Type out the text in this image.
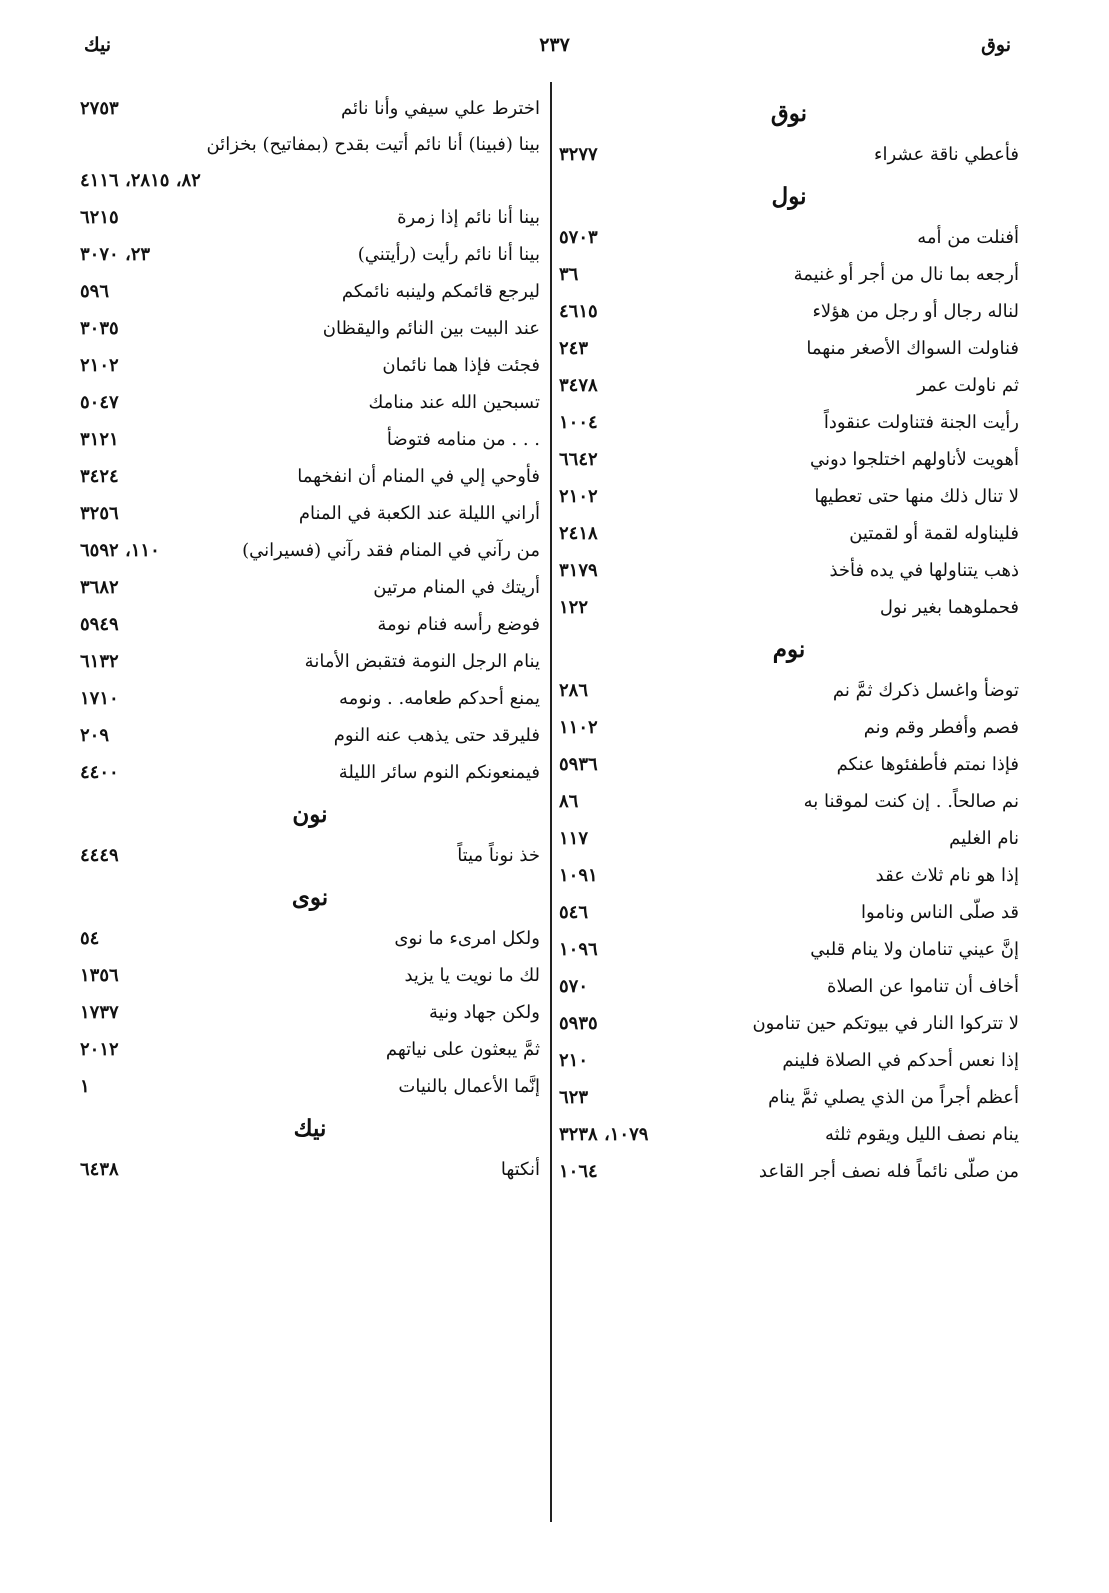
نوق
٢٣٧
نيك
نوق
فأعطي ناقة عشراء
٣٢٧٧
نول
أفنلت من أمه
٥٧٠٣
أرجعه بما نال من أجر أو غنيمة
٣٦
لناله رجال أو رجل من هؤلاء
٤٦١٥
فناولت السواك الأصغر منهما
٢٤٣
ثم ناولت عمر
٣٤٧٨
رأيت الجنة فتناولت عنقوداً
١٠٠٤
أهويت لأناولهم اختلجوا دوني
٦٦٤٢
لا تنال ذلك منها حتى تعطيها
٢١٠٢
فليناوله لقمة أو لقمتين
٢٤١٨
ذهب يتناولها في يده فأخذ
٣١٧٩
فحملوهما بغير نول
١٢٢
نوم
توضأ واغسل ذكرك ثمَّ نم
٢٨٦
فصم وأفطر وقم ونم
١١٠٢
فإذا نمتم فأطفئوها عنكم
٥٩٣٦
نم صالحاً. . إن كنت لموقنا به
٨٦
نام الغليم
١١٧
إذا هو نام ثلاث عقد
١٠٩١
قد صلّى الناس وناموا
٥٤٦
إنَّ عيني تنامان ولا ينام قلبي
١٠٩٦
أخاف أن تناموا عن الصلاة
٥٧٠
لا تتركوا النار في بيوتكم حين تنامون
٥٩٣٥
إذا نعس أحدكم في الصلاة فلينم
٢١٠
أعظم أجراً من الذي يصلي ثمَّ ينام
٦٢٣
ينام نصف الليل ويقوم ثلثه
١٠٧٩، ٣٢٣٨
من صلّى نائماً فله نصف أجر القاعد
١٠٦٤
اخترط علي سيفي وأنا نائم
٢٧٥٣
بينا (فبينا) أنا نائم أتيت بقدح (بمفاتيح) بخزائن
٨٢، ٢٨١٥، ٤١١٦
بينا أنا نائم إذا زمرة
٦٢١٥
بينا أنا نائم رأيت (رأيتني)
٢٣، ٣٠٧٠
ليرجع قائمكم ولينبه نائمكم
٥٩٦
عند البيت بين النائم واليقظان
٣٠٣٥
فجئت فإذا هما نائمان
٢١٠٢
تسبحين الله عند منامك
٥٠٤٧
. . . من منامه فتوضأ
٣١٢١
فأوحي إلي في المنام أن انفخهما
٣٤٢٤
أراني الليلة عند الكعبة في المنام
٣٢٥٦
من رآني في المنام فقد رآني (فسيراني)
١١٠، ٦٥٩٢
أريتك في المنام مرتين
٣٦٨٢
فوضع رأسه فنام نومة
٥٩٤٩
ينام الرجل النومة فتقبض الأمانة
٦١٣٢
يمنع أحدكم طعامه. . ونومه
١٧١٠
فليرقد حتى يذهب عنه النوم
٢٠٩
فيمنعونكم النوم سائر الليلة
٤٤٠٠
نون
خذ نوناً ميتاً
٤٤٤٩
نوى
ولكل امرىء ما نوى
٥٤
لك ما نويت يا يزيد
١٣٥٦
ولكن جهاد ونية
١٧٣٧
ثمَّ يبعثون على نياتهم
٢٠١٢
إنَّما الأعمال بالنيات
١
نيك
أنكتها
٦٤٣٨
